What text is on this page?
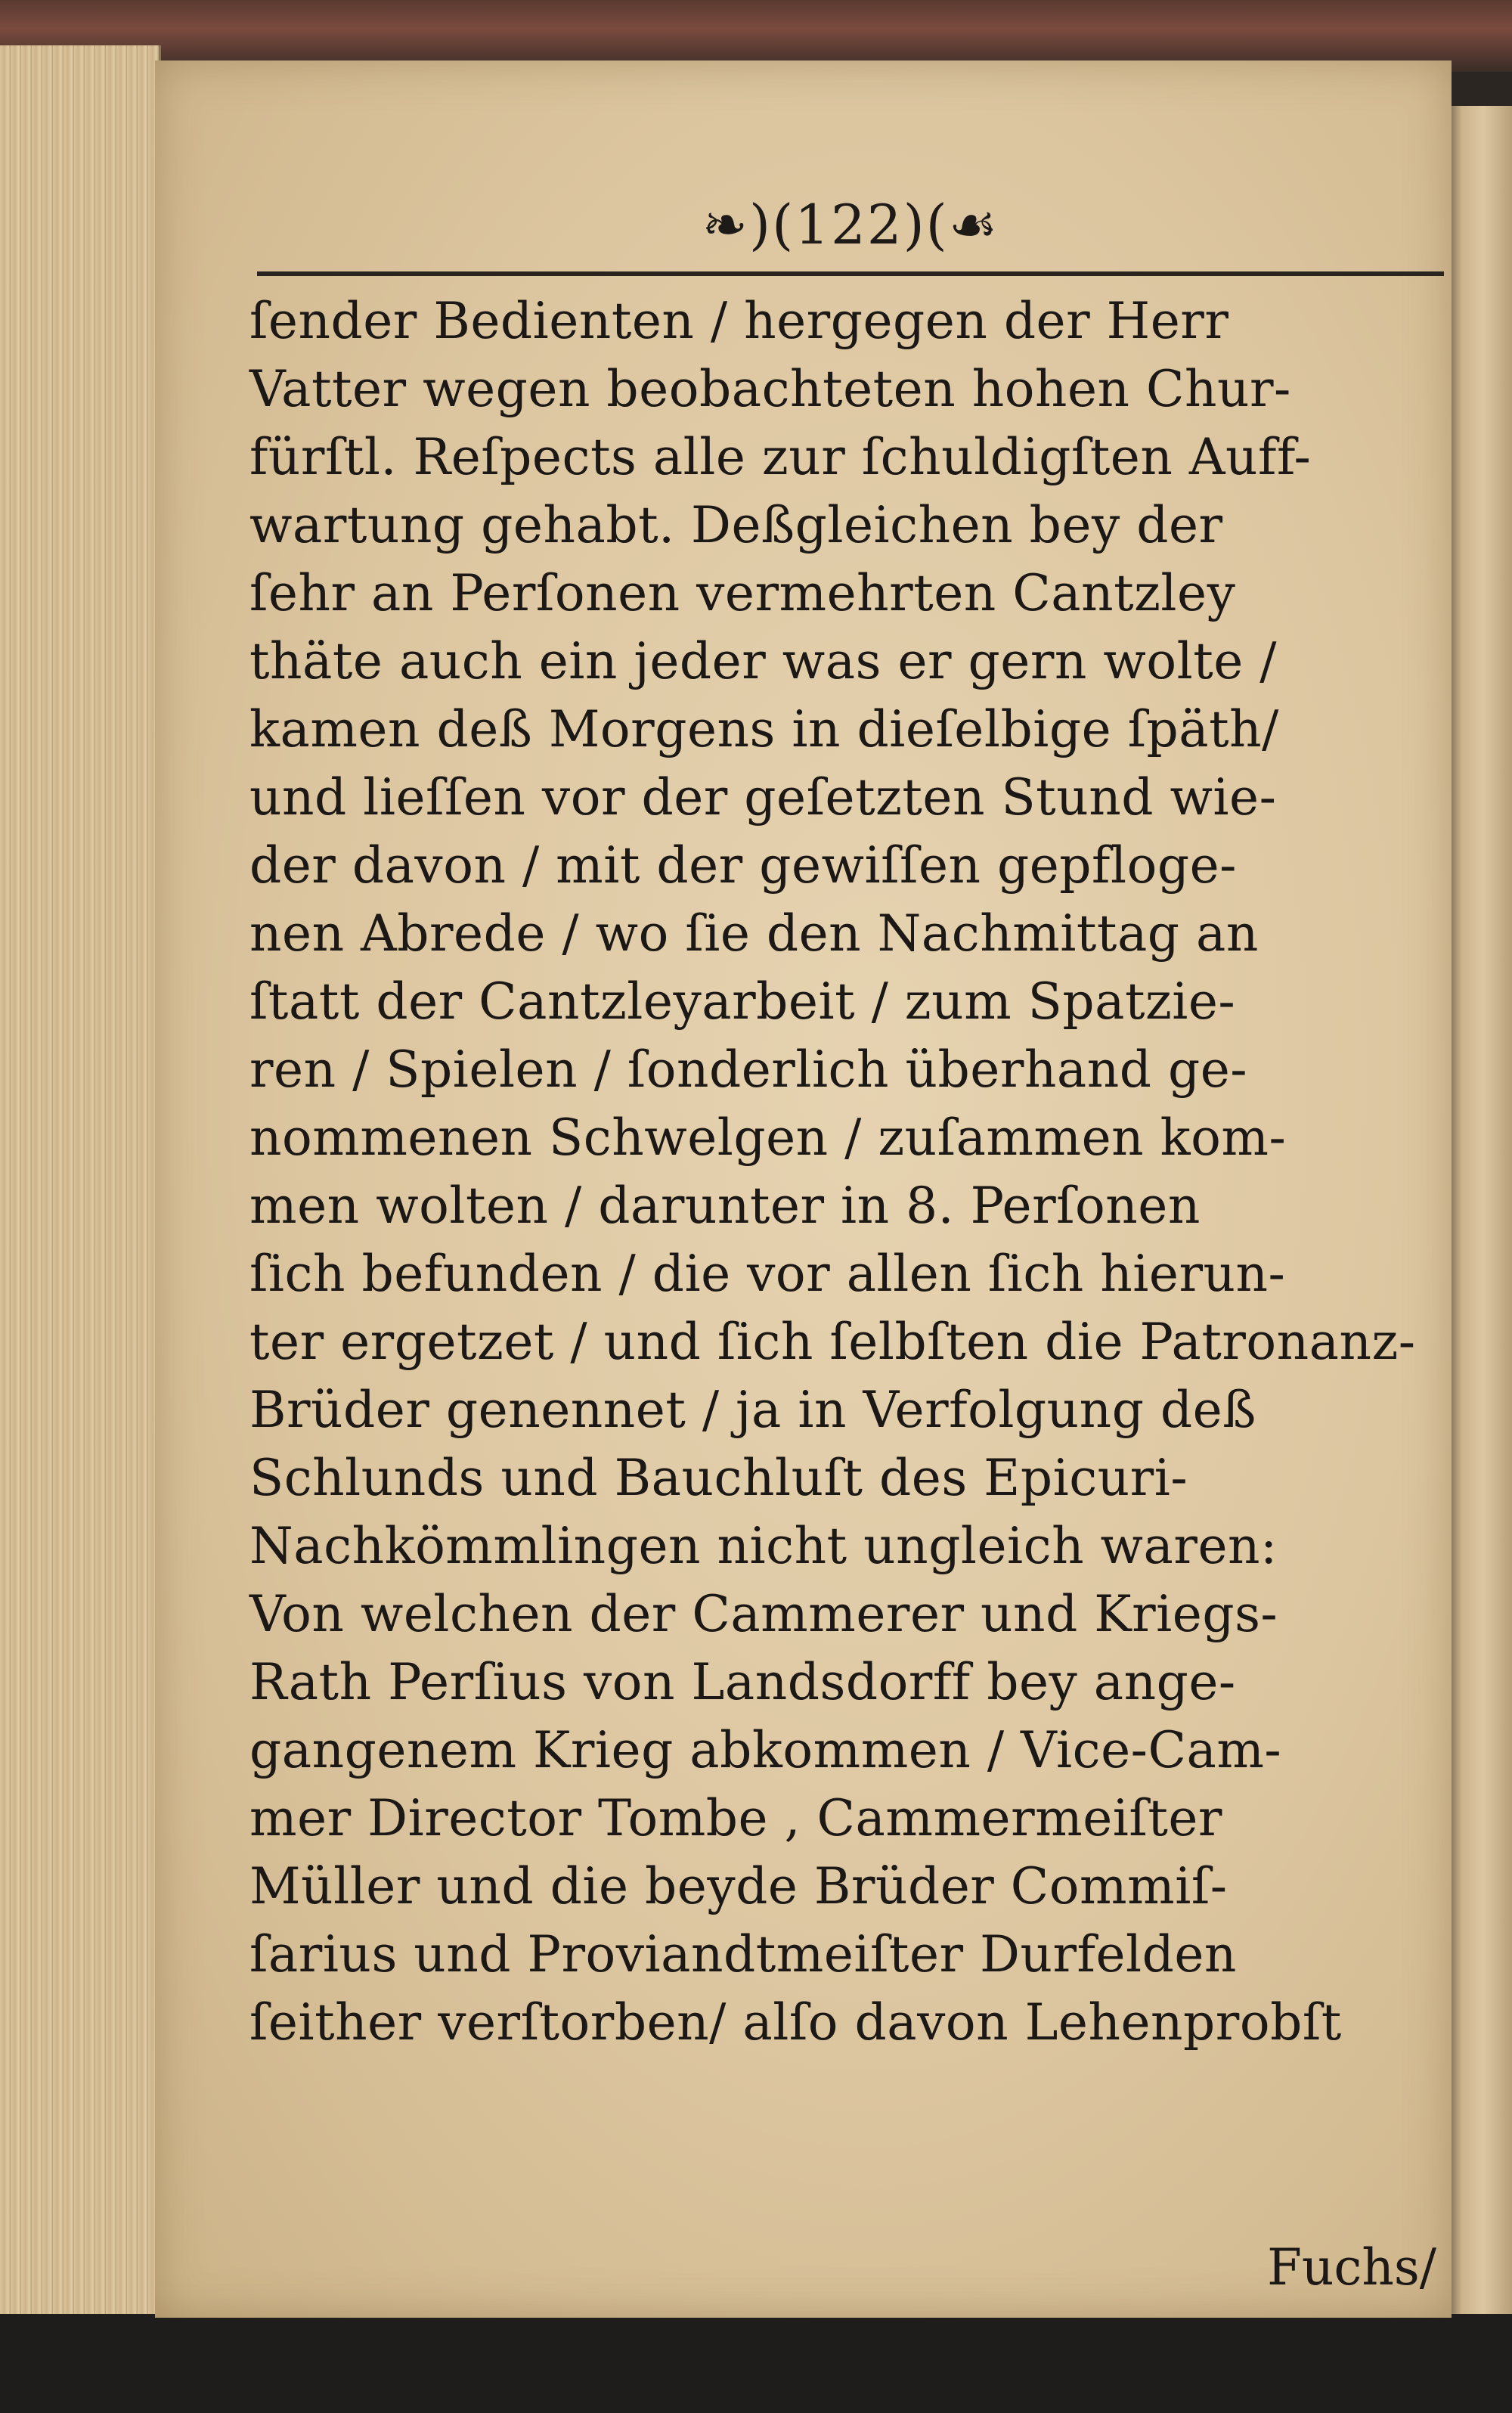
❧)(122)(☙
ſender Bedienten / hergegen der Herr
Vatter wegen beobachteten hohen Chur-
fürſtl. Reſpects alle zur ſchuldigſten Auff-
wartung gehabt. Deßgleichen bey der
ſehr an Perſonen vermehrten Cantzley
thäte auch ein jeder was er gern wolte /
kamen deß Morgens in dieſelbige ſpäth/
und lieſſen vor der geſetzten Stund wie-
der davon / mit der gewiſſen gepfloge-
nen Abrede / wo ſie den Nachmittag an
ſtatt der Cantzleyarbeit / zum Spatzie-
ren / Spielen / ſonderlich überhand ge-
nommenen Schwelgen / zuſammen kom-
men wolten / darunter in 8. Perſonen
ſich befunden / die vor allen ſich hierun-
ter ergetzet / und ſich ſelbſten die Patronanz-
Brüder genennet / ja in Verfolgung deß
Schlunds und Bauchluſt des Epicuri-
Nachkömmlingen nicht ungleich waren:
Von welchen der Cammerer und Kriegs-
Rath Perſius von Landsdorff bey ange-
gangenem Krieg abkommen / Vice-Cam-
mer Director Tombe , Cammermeiſter
Müller und die beyde Brüder Commiſ-
ſarius und Proviandtmeiſter Durfelden
ſeither verſtorben/ alſo davon Lehenprobſt
Fuchs/
